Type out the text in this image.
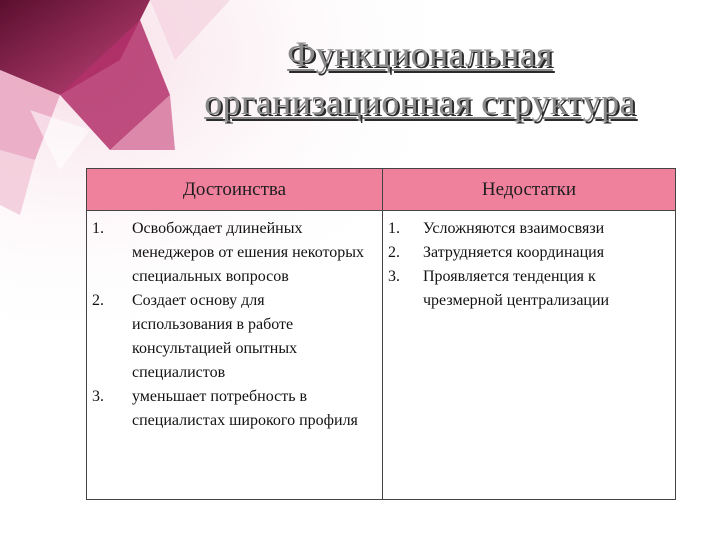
Функциональная
организационная структура
Достоинства	Недостатки
1. Освобождает длинейных менеджеров от ешения некоторых специальных вопросов
2. Создает основу для использования в работе консультацией опытных специалистов
3. уменьшает потребность в специалистах широкого профиля
1. Усложняются взаимосвязи
2. Затрудняется координация
3. Проявляется тенденция к чрезмерной централизации
